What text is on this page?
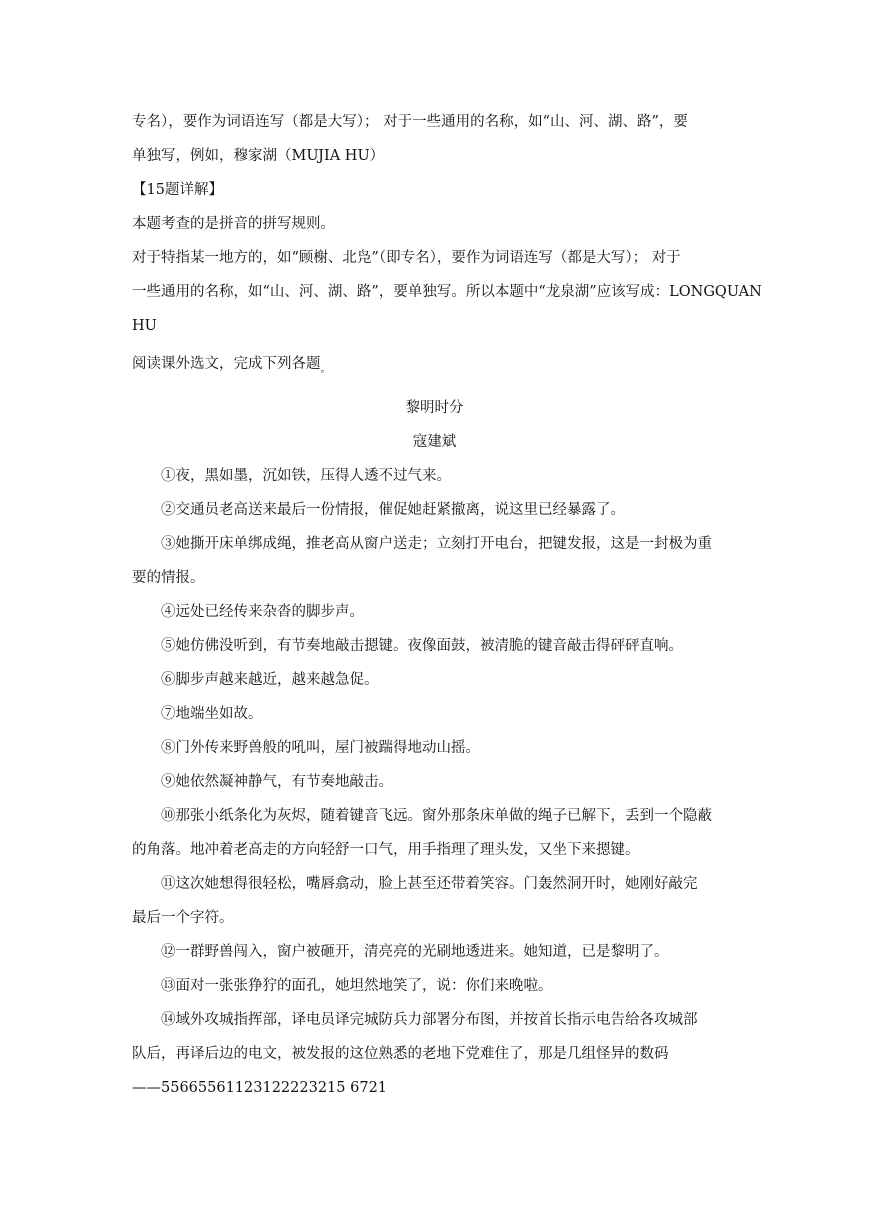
专名），要作为词语连写（都是大写）； 对于一些通用的名称，如“山、河、湖、路”，要
单独写，例如，穆家湖（MUJIA HU）
【15题详解】
本题考查的是拼音的拼写规则。
对于特指某一地方的，如“顾榭、北凫”（即专名），要作为词语连写（都是大写）； 对于
一些通用的名称，如“山、河、湖、路”，要单独写。所以本题中“龙泉湖”应该写成：LONGQUAN
HU
阅读课外选文，完成下列各题$_。$
黎明时分
寇建斌
①夜，黑如墨，沉如铁，压得人透不过气来。
②交通员老高送来最后一份情报，催促她赶紧撤离，说这里已经暴露了。
③她撕开床单绑成绳，推老高从窗户送走；立刻打开电台，把键发报，这是一封极为重
要的情报。
④远处已经传来杂沓的脚步声。
⑤她仿佛没听到，有节奏地敲击摁键。夜像面鼓，被清脆的键音敲击得砰砰直响。
⑥脚步声越来越近，越来越急促。
⑦地端坐如故。
⑧门外传来野兽般的吼叫，屋门被踹得地动山摇。
⑨她依然凝神静气，有节奏地敲击。
⑩那张小纸条化为灰烬，随着键音飞远。窗外那条床单做的绳子已解下，丢到一个隐蔽
的角落。地冲着老高走的方向轻舒一口气，用手指理了理头发，又坐下来摁键。
⑪这次她想得很轻松，嘴唇翕动，脸上甚至还带着笑容。门轰然洞开时，她刚好敲完
最后一个字符。
⑫一群野兽闯入，窗户被砸开，清亮亮的光刷地透进来。她知道，已是黎明了。
⑬面对一张张狰狞的面孔，她坦然地笑了，说：你们来晚啦。
⑭域外攻城指挥部，译电员译完城防兵力部署分布图，并按首长指示电告给各攻城部
队后，再译后边的电文，被发报的这位熟悉的老地下党难住了，那是几组怪异的数码
——55665561123122223215 6721
